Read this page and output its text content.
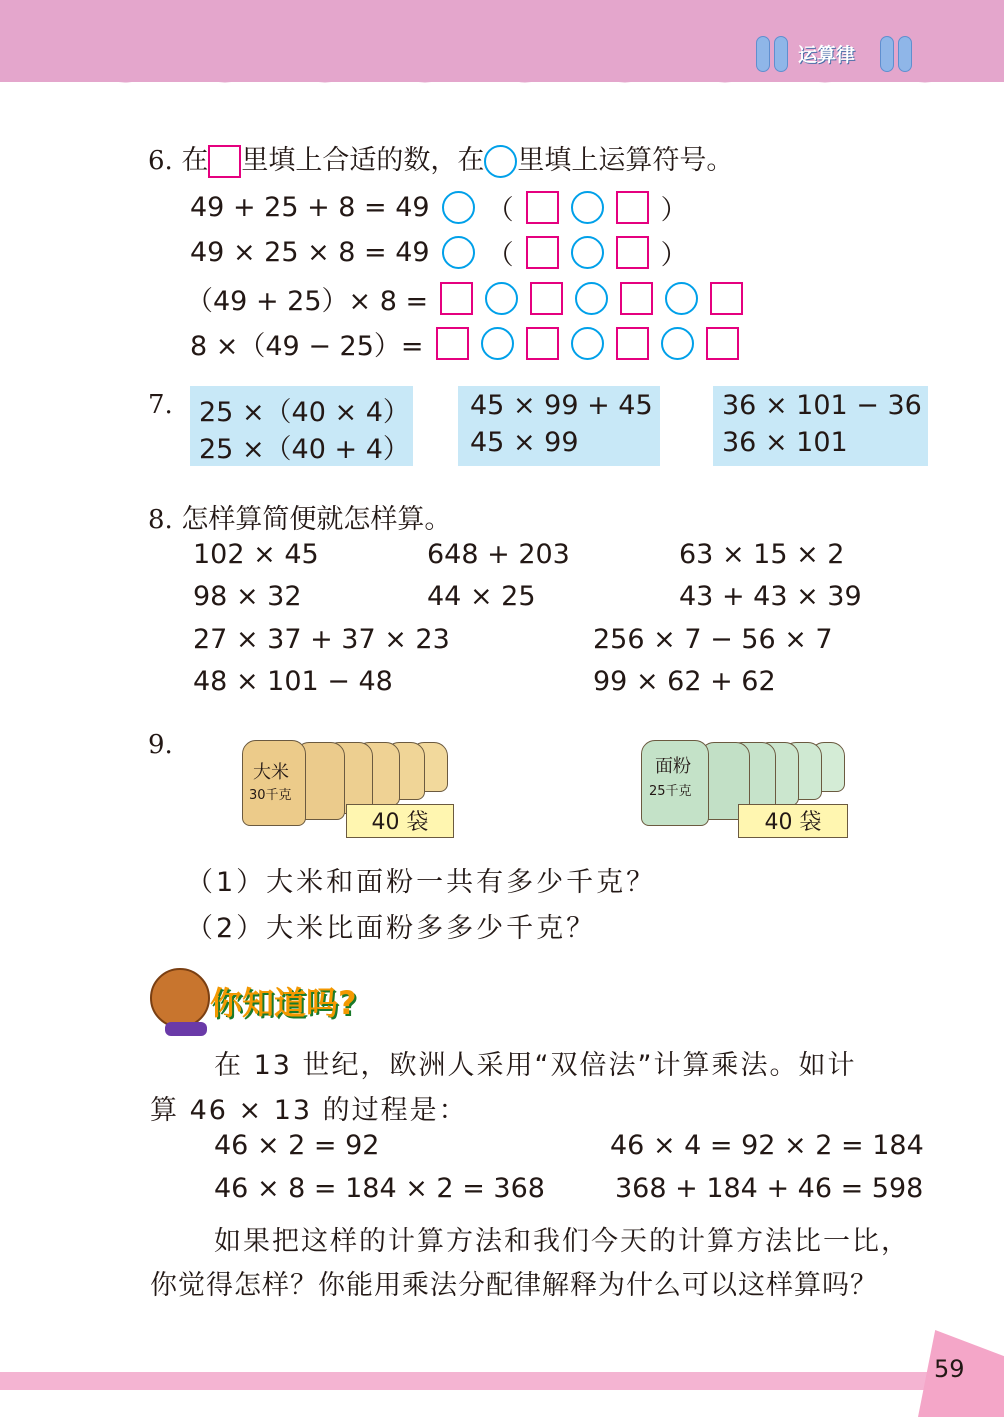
运算律
6. 在 里填上合适的数，在 里填上运算符号。
49 + 25 + 8 = 49 （	）
49 × 25 × 8 = 49 （	）
（49 + 25）× 8 =
8 ×（49 − 25）=
7. 25 ×（40 × 4）
25 ×（40 + 4）
45 × 99 + 45
45 × 99
36 × 101 − 36
36 × 101
8. 怎样算简便就怎样算。
102 × 45	648 + 203	63 × 15 × 2
98 × 32	44 × 25	43 + 43 × 39
27 × 37 + 37 × 23	256 × 7 − 56 × 7
48 × 101 − 48	99 × 62 + 62
9.
大米
30千克
40 袋
面粉
25千克
40 袋
（1）大米和面粉一共有多少千克？
（2）大米比面粉多多少千克？
你知道吗?
在 13 世纪，欧洲人采用“双倍法”计算乘法。如计
算 46 × 13 的过程是：
46 × 2 = 92	46 × 4 = 92 × 2 = 184
46 × 8 = 184 × 2 = 368	368 + 184 + 46 = 598
如果把这样的计算方法和我们今天的计算方法比一比，
你觉得怎样？你能用乘法分配律解释为什么可以这样算吗？
59
